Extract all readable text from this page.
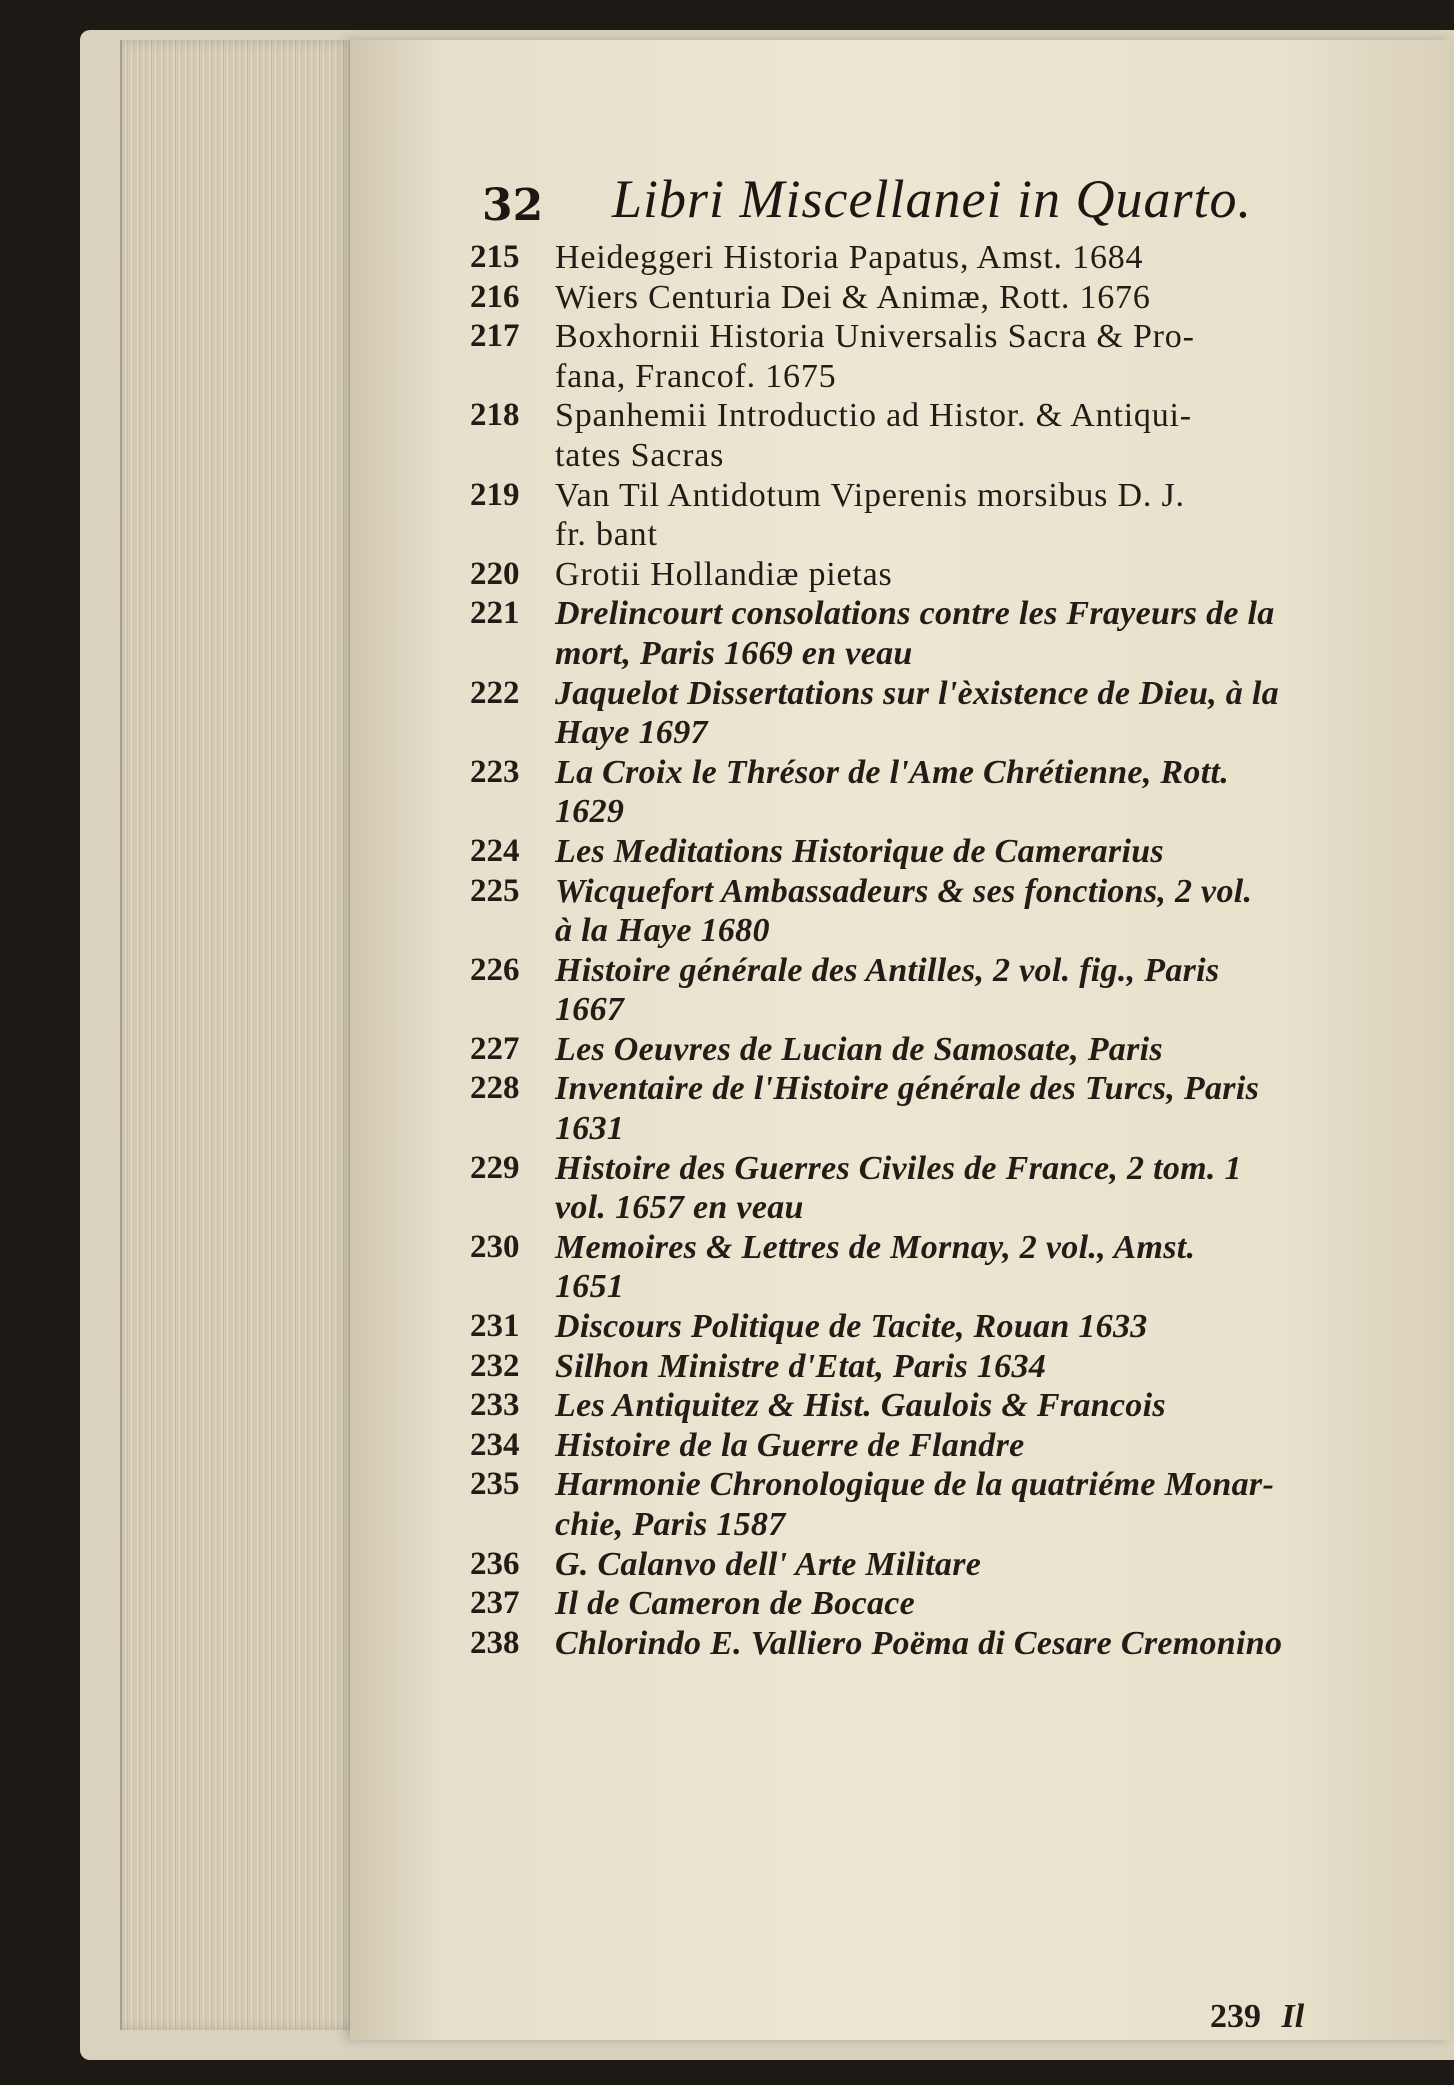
32 Libri Miscellanei in Quarto.
215	Heideggeri Historia Papatus, Amst. 1684
216	Wiers Centuria Dei & Animæ, Rott. 1676
217	Boxhornii Historia Universalis Sacra & Pro-
fana, Francof. 1675
218	Spanhemii Introductio ad Histor. & Antiqui-
tates Sacras
219	Van Til Antidotum Viperenis morsibus D. J.
fr. bant
220	Grotii Hollandiæ pietas
221	Drelincourt consolations contre les Frayeurs de la
mort, Paris 1669 en veau
222	Jaquelot Dissertations sur l'èxistence de Dieu, à la
Haye 1697
223	La Croix le Thrésor de l'Ame Chrétienne, Rott.
1629
224	Les Meditations Historique de Camerarius
225	Wicquefort Ambassadeurs & ses fonctions, 2 vol.
à la Haye 1680
226	Histoire générale des Antilles, 2 vol. fig., Paris
1667
227	Les Oeuvres de Lucian de Samosate, Paris
228	Inventaire de l'Histoire générale des Turcs, Paris
1631
229	Histoire des Guerres Civiles de France, 2 tom. 1
vol. 1657 en veau
230	Memoires & Lettres de Mornay, 2 vol., Amst.
1651
231	Discours Politique de Tacite, Rouan 1633
232	Silhon Ministre d'Etat, Paris 1634
233	Les Antiquitez & Hist. Gaulois & Francois
234	Histoire de la Guerre de Flandre
235	Harmonie Chronologique de la quatriéme Monar-
chie, Paris 1587
236	G. Calanvo dell' Arte Militare
237	Il de Cameron de Bocace
238	Chlorindo E. Valliero Poëma di Cesare Cremonino
239 Il
